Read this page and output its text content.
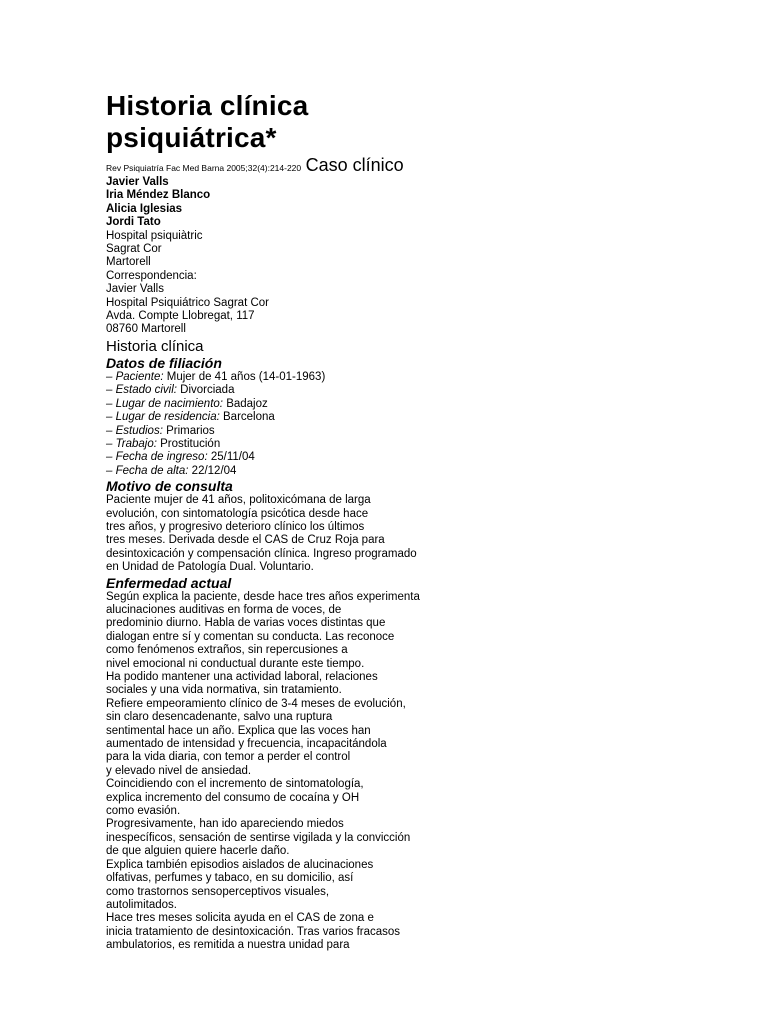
Historia clínica psiquiátrica*
Rev Psiquiatría Fac Med Barna 2005;32(4):214-220 Caso clínico
Javier Valls
Iria Méndez Blanco
Alicia Iglesias
Jordi Tato
Hospital psiquiàtric
Sagrat Cor
Martorell
Correspondencia:
Javier Valls
Hospital Psiquiátrico Sagrat Cor
Avda. Compte Llobregat, 117
08760 Martorell
Historia clínica
Datos de filiación
– Paciente: Mujer de 41 años (14-01-1963)
– Estado civil: Divorciada
– Lugar de nacimiento: Badajoz
– Lugar de residencia: Barcelona
– Estudios: Primarios
– Trabajo: Prostitución
– Fecha de ingreso: 25/11/04
– Fecha de alta: 22/12/04
Motivo de consulta
Paciente mujer de 41 años, politoxicómana de larga
evolución, con sintomatología psicótica desde hace
tres años, y progresivo deterioro clínico los últimos
tres meses. Derivada desde el CAS de Cruz Roja para
desintoxicación y compensación clínica. Ingreso programado
en Unidad de Patología Dual. Voluntario.
Enfermedad actual
Según explica la paciente, desde hace tres años experimenta
alucinaciones auditivas en forma de voces, de
predominio diurno. Habla de varias voces distintas que
dialogan entre sí y comentan su conducta. Las reconoce
como fenómenos extraños, sin repercusiones a
nivel emocional ni conductual durante este tiempo.
Ha podido mantener una actividad laboral, relaciones
sociales y una vida normativa, sin tratamiento.
Refiere empeoramiento clínico de 3-4 meses de evolución,
sin claro desencadenante, salvo una ruptura
sentimental hace un año. Explica que las voces han
aumentado de intensidad y frecuencia, incapacitándola
para la vida diaria, con temor a perder el control
y elevado nivel de ansiedad.
Coincidiendo con el incremento de sintomatología,
explica incremento del consumo de cocaína y OH
como evasión.
Progresivamente, han ido apareciendo miedos
inespecíficos, sensación de sentirse vigilada y la convicción
de que alguien quiere hacerle daño.
Explica también episodios aislados de alucinaciones
olfativas, perfumes y tabaco, en su domicilio, así
como trastornos sensoperceptivos visuales,
autolimitados.
Hace tres meses solicita ayuda en el CAS de zona e
inicia tratamiento de desintoxicación. Tras varios fracasos
ambulatorios, es remitida a nuestra unidad para
